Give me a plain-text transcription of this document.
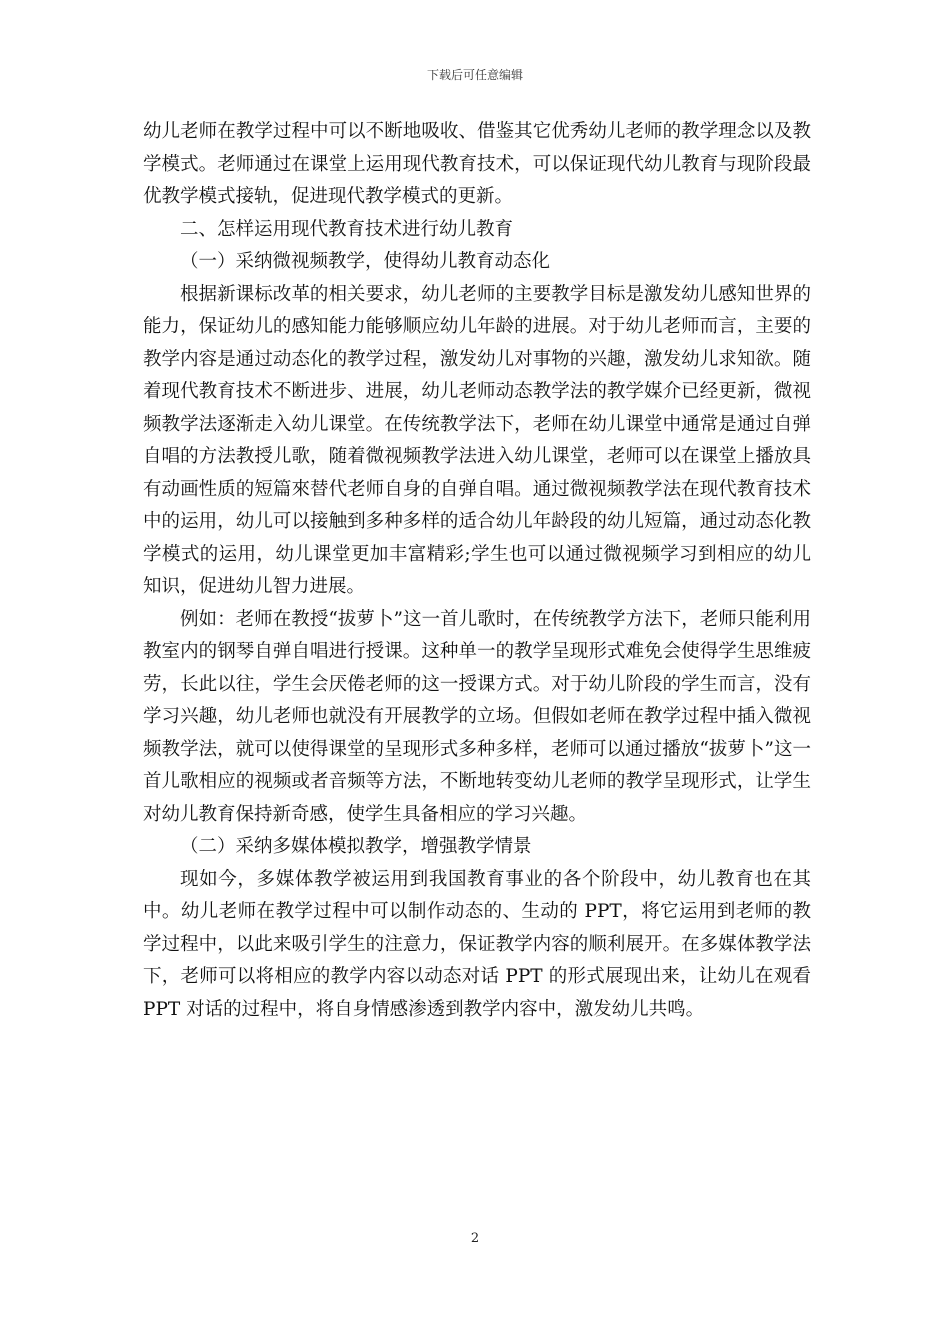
下载后可任意编辑

幼儿老师在教学过程中可以不断地吸收、借鉴其它优秀幼儿老师的教学理念以及教学模式。老师通过在课堂上运用现代教育技术，可以保证现代幼儿教育与现阶段最优教学模式接轨，促进现代教学模式的更新。

二、怎样运用现代教育技术进行幼儿教育

（一）采纳微视频教学，使得幼儿教育动态化

根据新课标改革的相关要求，幼儿老师的主要教学目标是激发幼儿感知世界的能力，保证幼儿的感知能力能够顺应幼儿年龄的进展。对于幼儿老师而言，主要的教学内容是通过动态化的教学过程，激发幼儿对事物的兴趣，激发幼儿求知欲。随着现代教育技术不断进步、进展，幼儿老师动态教学法的教学媒介已经更新，微视频教学法逐渐走入幼儿课堂。在传统教学法下，老师在幼儿课堂中通常是通过自弹自唱的方法教授儿歌，随着微视频教学法进入幼儿课堂，老师可以在课堂上播放具有动画性质的短篇來替代老师自身的自弹自唱。通过微视频教学法在现代教育技术中的运用，幼儿可以接触到多种多样的适合幼儿年龄段的幼儿短篇，通过动态化教学模式的运用，幼儿课堂更加丰富精彩;学生也可以通过微视频学习到相应的幼儿知识，促进幼儿智力进展。

例如：老师在教授“拔萝卜”这一首儿歌时，在传统教学方法下，老师只能利用教室内的钢琴自弹自唱进行授课。这种单一的教学呈现形式难免会使得学生思维疲劳，长此以往，学生会厌倦老师的这一授课方式。对于幼儿阶段的学生而言，没有学习兴趣，幼儿老师也就没有开展教学的立场。但假如老师在教学过程中插入微视频教学法，就可以使得课堂的呈现形式多种多样，老师可以通过播放“拔萝卜”这一首儿歌相应的视频或者音频等方法，不断地转变幼儿老师的教学呈现形式，让学生对幼儿教育保持新奇感，使学生具备相应的学习兴趣。

（二）采纳多媒体模拟教学，增强教学情景

现如今，多媒体教学被运用到我国教育事业的各个阶段中，幼儿教育也在其中。幼儿老师在教学过程中可以制作动态的、生动的 PPT，将它运用到老师的教学过程中，以此来吸引学生的注意力，保证教学内容的顺利展开。在多媒体教学法下，老师可以将相应的教学内容以动态对话 PPT 的形式展现出来，让幼儿在观看 PPT 对话的过程中，将自身情感渗透到教学内容中，激发幼儿共鸣。

2
